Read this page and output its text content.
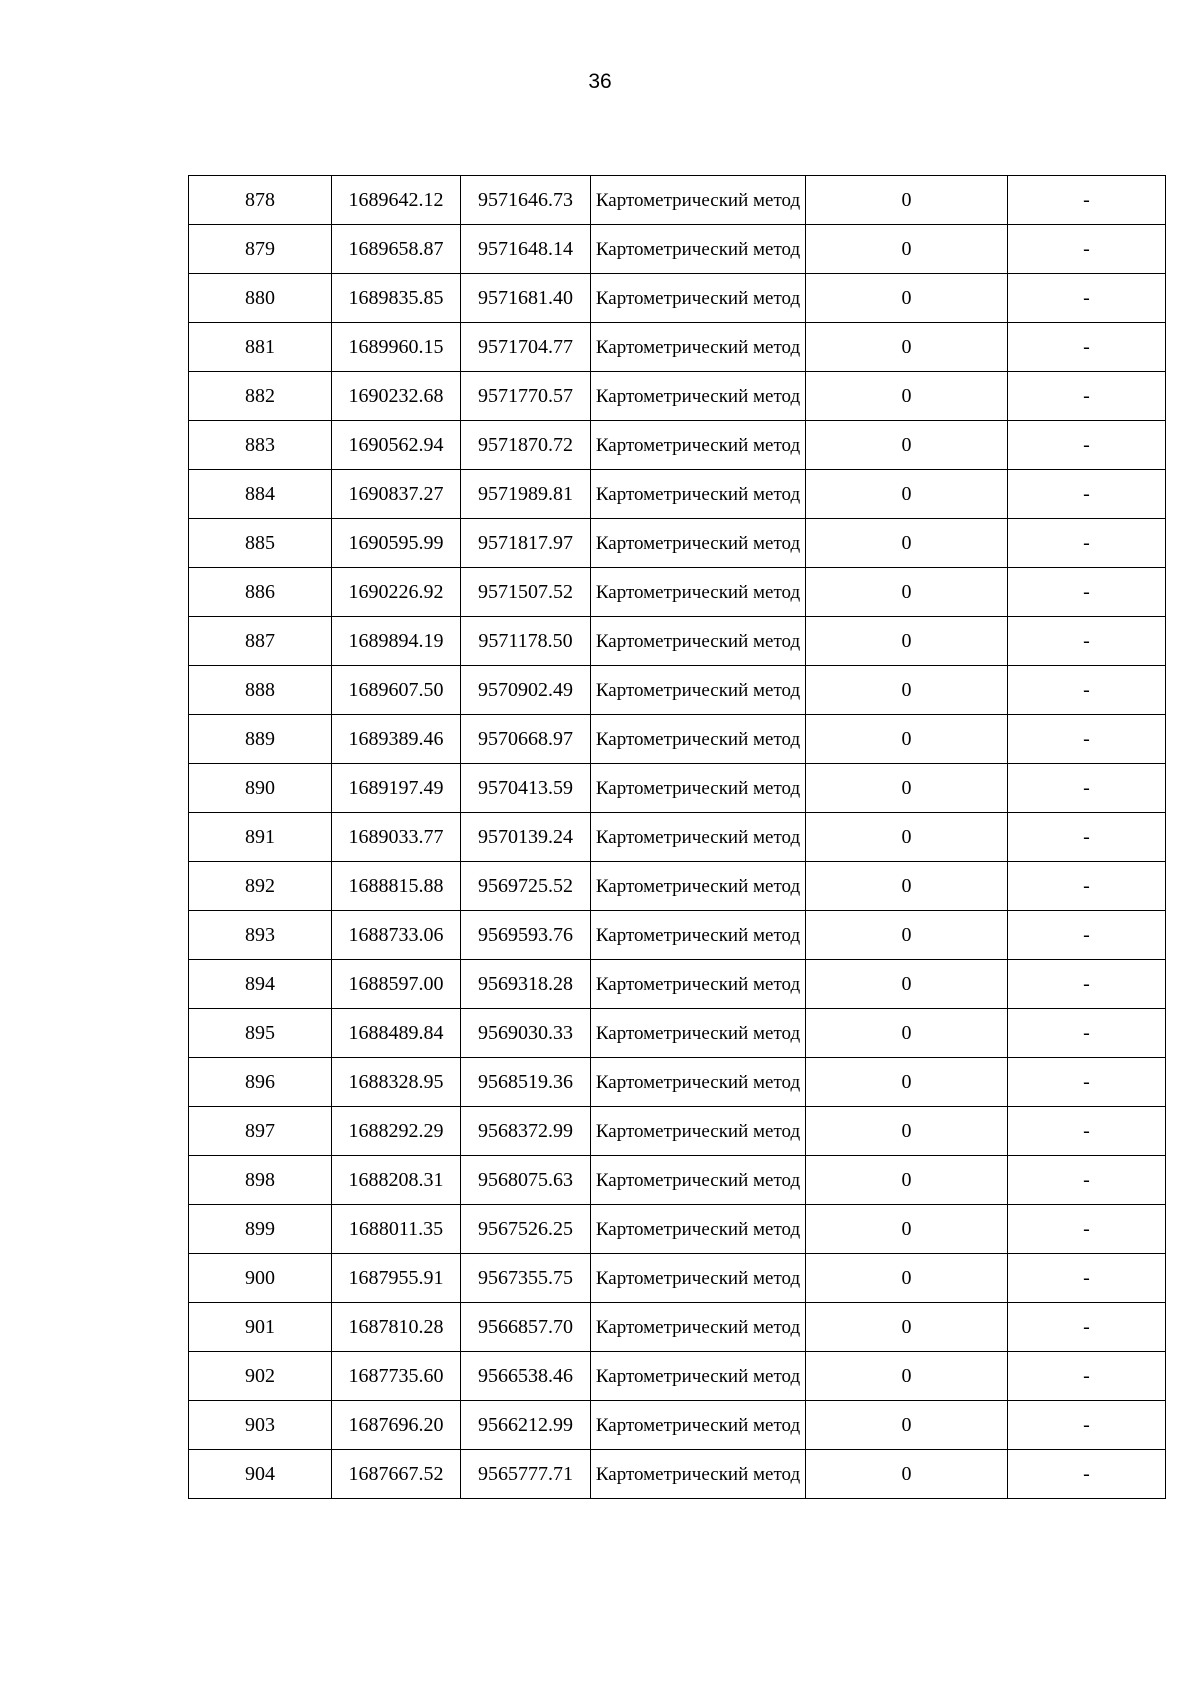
36
878	1689642.12	9571646.73	Картометрический метод	0	-
879	1689658.87	9571648.14	Картометрический метод	0	-
880	1689835.85	9571681.40	Картометрический метод	0	-
881	1689960.15	9571704.77	Картометрический метод	0	-
882	1690232.68	9571770.57	Картометрический метод	0	-
883	1690562.94	9571870.72	Картометрический метод	0	-
884	1690837.27	9571989.81	Картометрический метод	0	-
885	1690595.99	9571817.97	Картометрический метод	0	-
886	1690226.92	9571507.52	Картометрический метод	0	-
887	1689894.19	9571178.50	Картометрический метод	0	-
888	1689607.50	9570902.49	Картометрический метод	0	-
889	1689389.46	9570668.97	Картометрический метод	0	-
890	1689197.49	9570413.59	Картометрический метод	0	-
891	1689033.77	9570139.24	Картометрический метод	0	-
892	1688815.88	9569725.52	Картометрический метод	0	-
893	1688733.06	9569593.76	Картометрический метод	0	-
894	1688597.00	9569318.28	Картометрический метод	0	-
895	1688489.84	9569030.33	Картометрический метод	0	-
896	1688328.95	9568519.36	Картометрический метод	0	-
897	1688292.29	9568372.99	Картометрический метод	0	-
898	1688208.31	9568075.63	Картометрический метод	0	-
899	1688011.35	9567526.25	Картометрический метод	0	-
900	1687955.91	9567355.75	Картометрический метод	0	-
901	1687810.28	9566857.70	Картометрический метод	0	-
902	1687735.60	9566538.46	Картометрический метод	0	-
903	1687696.20	9566212.99	Картометрический метод	0	-
904	1687667.52	9565777.71	Картометрический метод	0	-
